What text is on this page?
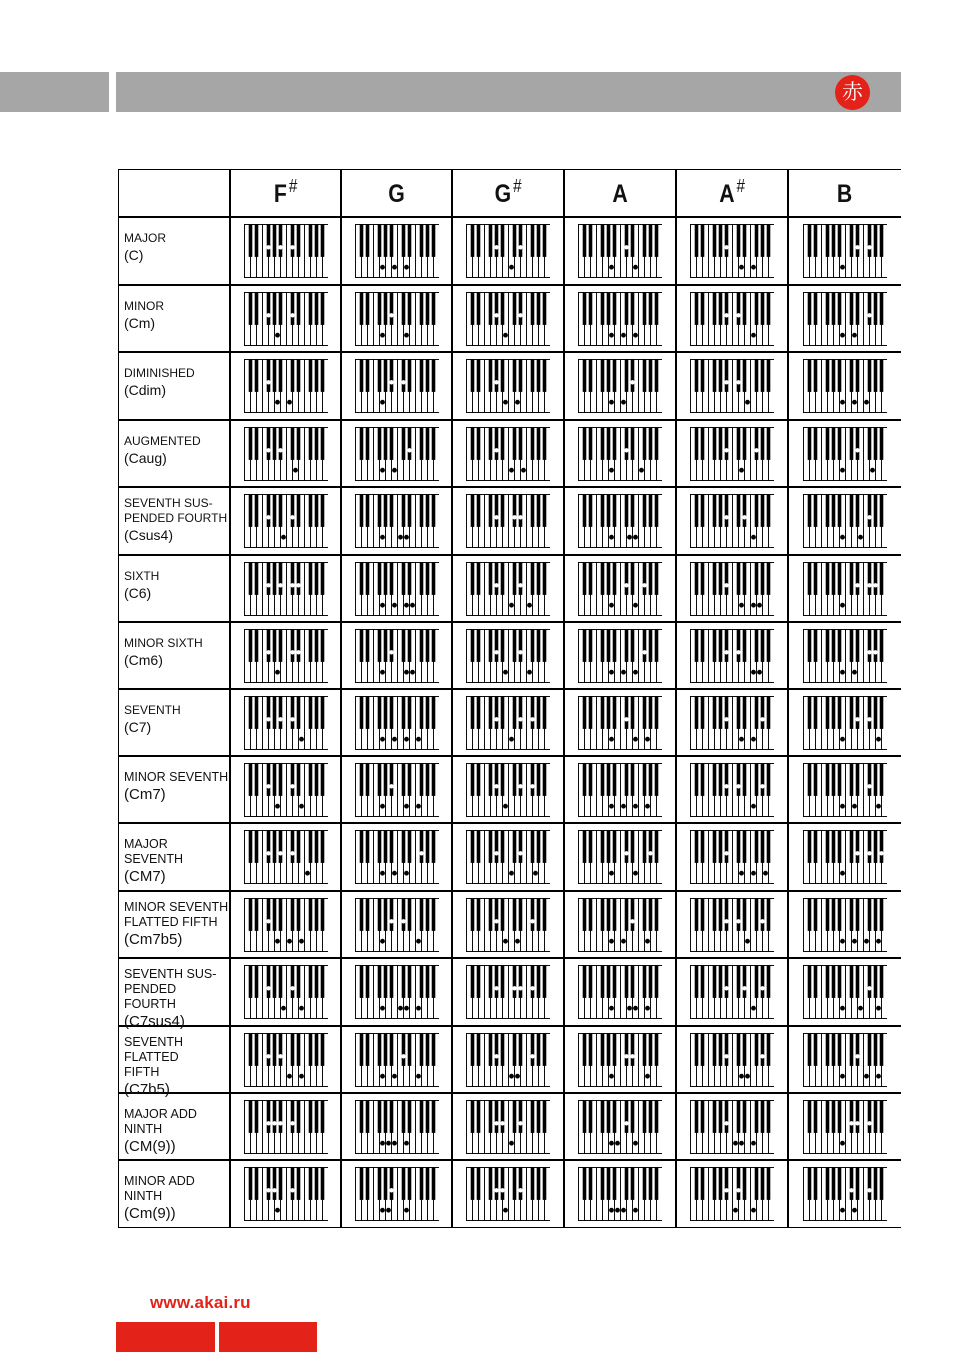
赤
F#	G	G#	A	A#	B
MAJOR
(C)
MINOR
(Cm)
DIMINISHED
(Cdim)
AUGMENTED
(Caug)
SEVENTH SUS-
PENDED FOURTH
(Csus4)
SIXTH
(C6)
MINOR SIXTH
(Cm6)
SEVENTH
(C7)
MINOR SEVENTH
(Cm7)
MAJOR SEVENTH
(CM7)
MINOR SEVENTH
FLATTED FIFTH
(Cm7b5)
SEVENTH SUS-
PENDED FOURTH
(C7sus4)
SEVENTH FLATTED
FIFTH
(C7b5)
MAJOR ADD NINTH
(CM(9))
MINOR ADD NINTH
(Cm(9))
www.akai.ru
